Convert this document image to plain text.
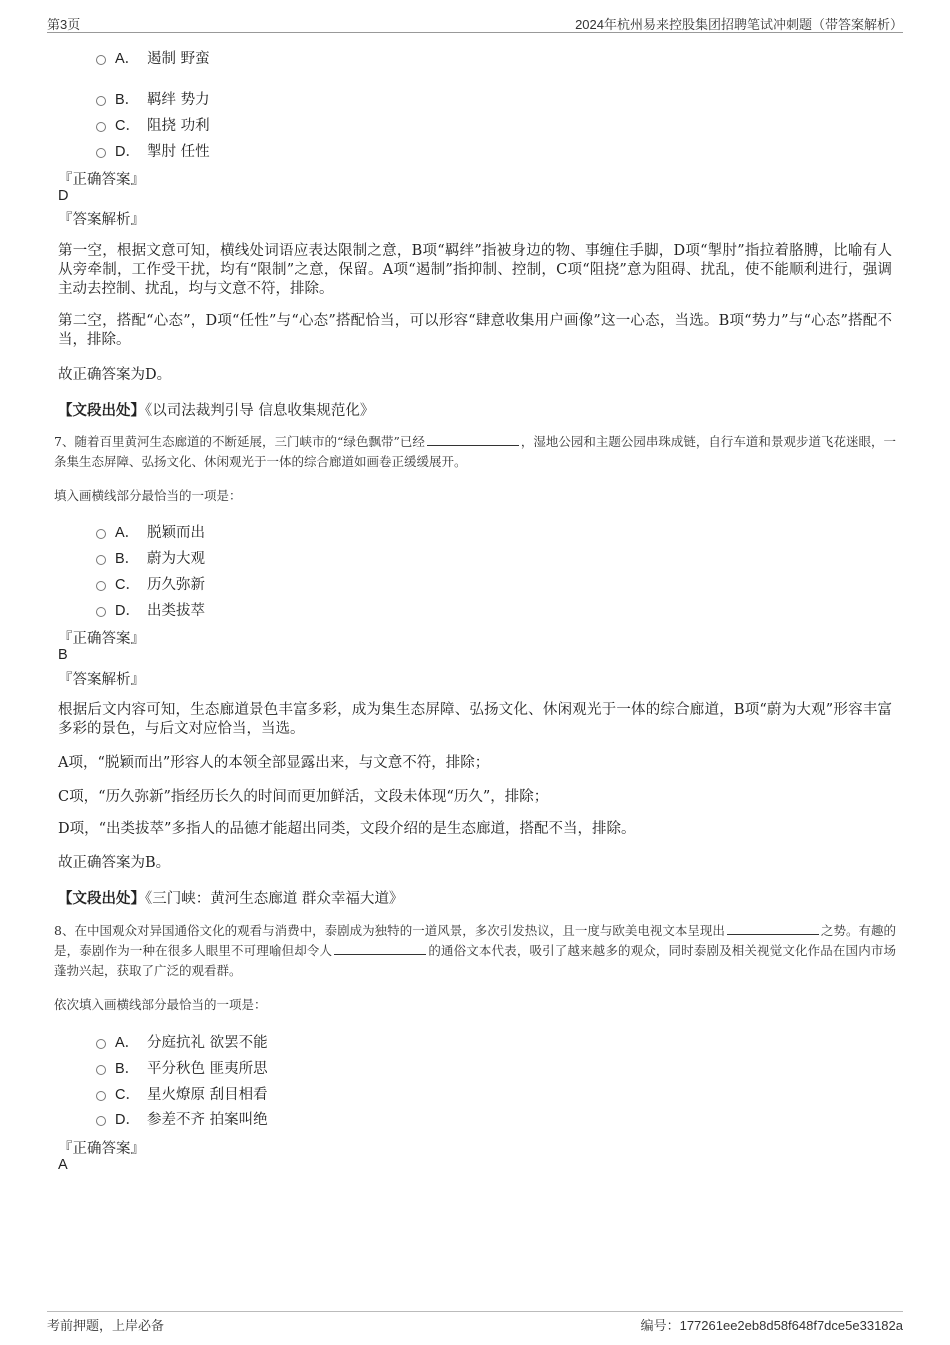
第3页	2024年杭州易来控股集团招聘笔试冲刺题（带答案解析）
A． 遏制 野蛮
B． 羁绊 势力
C． 阻挠 功利
D． 掣肘 任性
『正确答案』
D
『答案解析』
第一空，根据文意可知，横线处词语应表达限制之意，B项“羁绊”指被身边的物、事缠住手脚，D项“掣肘”指拉着胳膊，比喻有人从旁牵制，工作受干扰，均有“限制”之意，保留。A项“遏制”指抑制、控制，C项“阻挠”意为阻碍、扰乱，使不能顺利进行，强调主动去控制、扰乱，均与文意不符，排除。
第二空，搭配“心态”，D项“任性”与“心态”搭配恰当，可以形容“肆意收集用户画像”这一心态，当选。B项“势力”与“心态”搭配不当，排除。
故正确答案为D。
【文段出处】《以司法裁判引导 信息收集规范化》
7、随着百里黄河生态廊道的不断延展，三门峡市的“绿色飘带”已经	，湿地公园和主题公园串珠成链，自行车道和景观步道飞花迷眼，一条集生态屏障、弘扬文化、休闲观光于一体的综合廊道如画卷正缓缓展开。
填入画横线部分最恰当的一项是：
A． 脱颖而出
B． 蔚为大观
C． 历久弥新
D． 出类拔萃
『正确答案』
B
『答案解析』
根据后文内容可知，生态廊道景色丰富多彩，成为集生态屏障、弘扬文化、休闲观光于一体的综合廊道，B项“蔚为大观”形容丰富多彩的景色，与后文对应恰当，当选。
A项，“脱颖而出”形容人的本领全部显露出来，与文意不符，排除；
C项，“历久弥新”指经历长久的时间而更加鲜活，文段未体现“历久”，排除；
D项，“出类拔萃”多指人的品德才能超出同类，文段介绍的是生态廊道，搭配不当，排除。
故正确答案为B。
【文段出处】《三门峡：黄河生态廊道 群众幸福大道》
8、在中国观众对异国通俗文化的观看与消费中，泰剧成为独特的一道风景，多次引发热议，且一度与欧美电视文本呈现出	之势。有趣的是，泰剧作为一种在很多人眼里不可理喻但却令人	的通俗文本代表，吸引了越来越多的观众，同时泰剧及相关视觉文化作品在国内市场蓬勃兴起，获取了广泛的观看群。
依次填入画横线部分最恰当的一项是：
A． 分庭抗礼 欲罢不能
B． 平分秋色 匪夷所思
C． 星火燎原 刮目相看
D． 参差不齐 拍案叫绝
『正确答案』
A
考前押题，上岸必备	编号：177261ee2eb8d58f648f7dce5e33182a
